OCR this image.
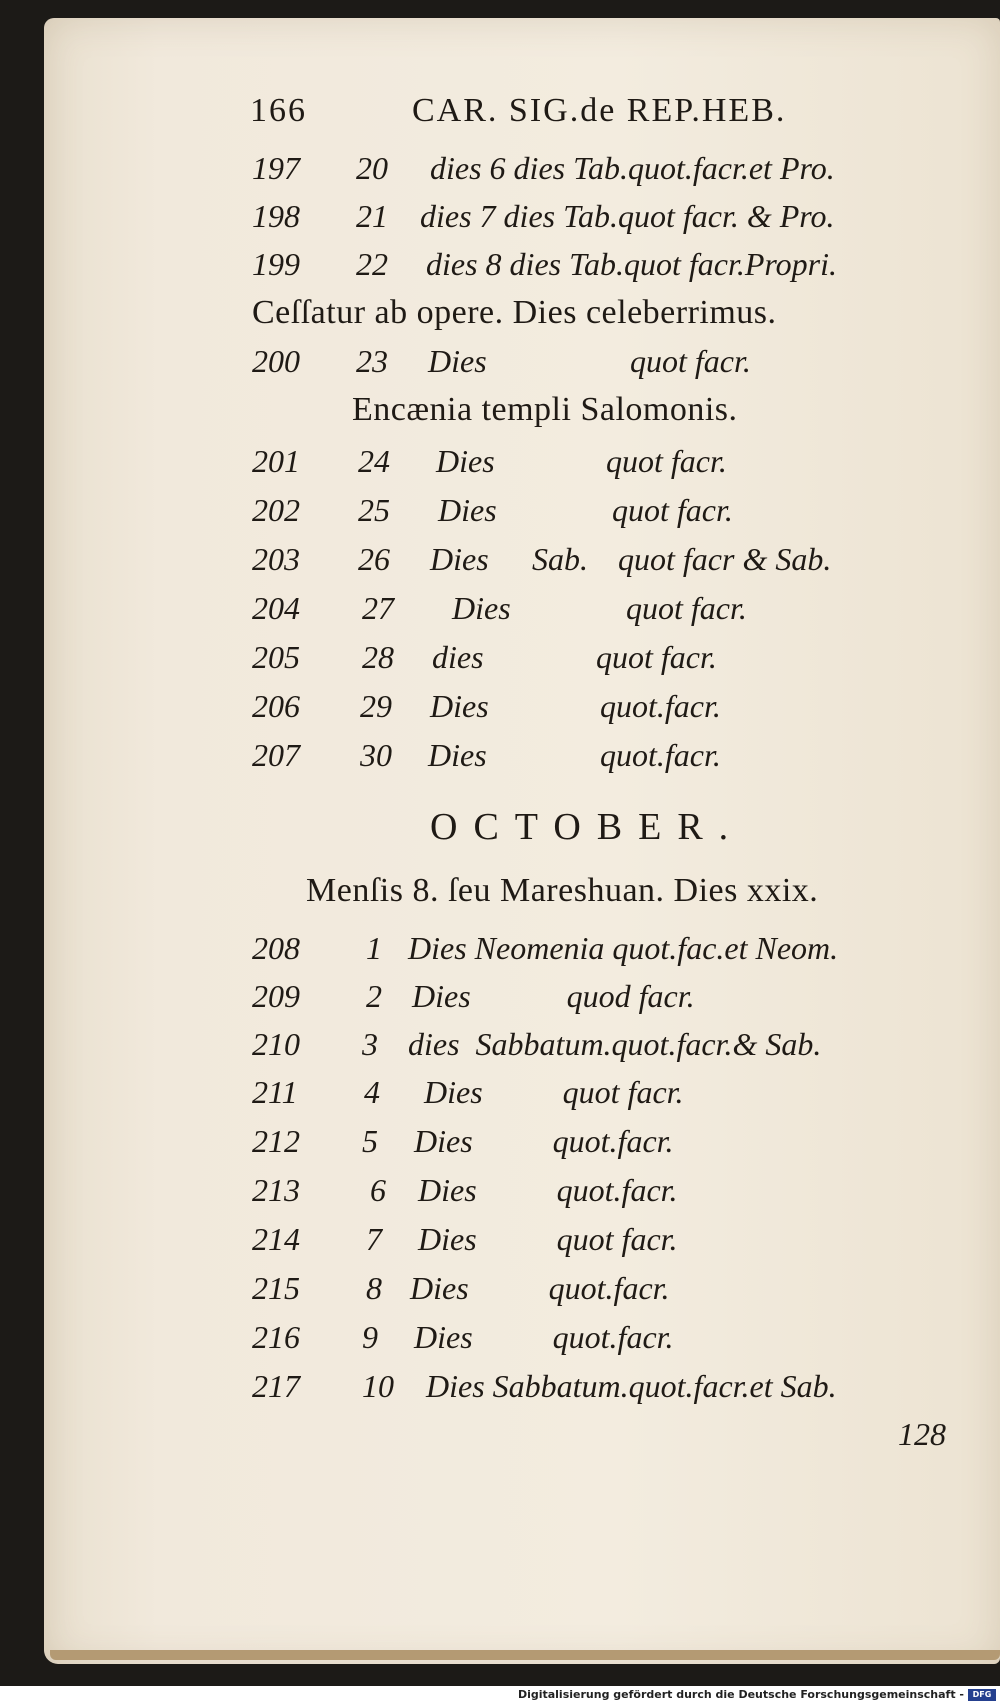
166	CAR. SIG.de REP.HEB.
197 20 dies 6 dies Tab.quot.facr.et Pro.
198 21 dies 7 dies Tab.quot facr. & Pro.
199 22 dies 8 dies Tab.quot facr.Propri.
Ceſſatur ab opere. Dies celeberrimus.
200 23 Dies	quot facr.
Encænia templi Salomonis.
201 24 Dies	quot facr.
202 25 Dies	quot facr.
203 26 Dies Sab. quot facr & Sab.
204 27 Dies	quot facr.
205 28 dies	quot facr.
206 29 Dies	quot.facr.
207 30 Dies	quot.facr.
OCTOBER.
Menſis 8. ſeu Mareshuan. Dies xxix.
208 1 Dies Neomenia quot.fac.et Neom.
209 2 Dies            quod facr.
210 3 dies  Sabbatum.quot.facr.& Sab.
211 4 Dies          quot facr.
212 5 Dies          quot.facr.
213 6 Dies          quot.facr.
214 7 Dies          quot facr.
215 8 Dies          quot.facr.
216 9 Dies          quot.facr.
217 10 Dies Sabbatum.quot.facr.et Sab.
128
Digitalisierung gefördert durch die Deutsche Forschungsgemeinschaft -	DFG
